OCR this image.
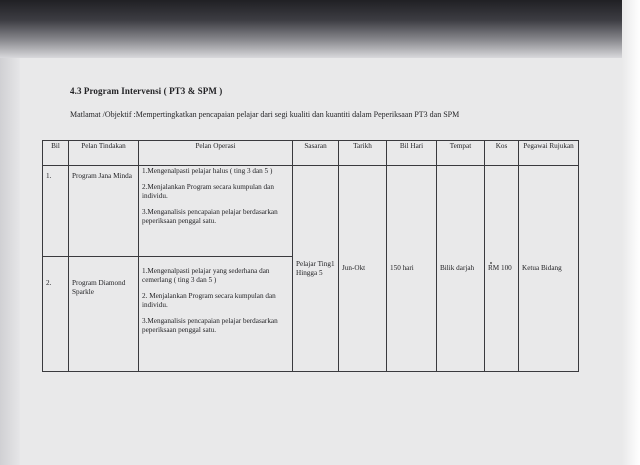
4.3 Program Intervensi ( PT3 & SPM )
Matlamat /Objektif :Mempertingkatkan pencapaian pelajar dari segi kualiti dan kuantiti dalam Peperiksaan PT3 dan SPM
Bil	Pelan Tindakan	Pelan Operasi	Sasaran	Tarikh	Bil Hari	Tempat	Kos	Pegawai Rujukan
1.	Program Jana Minda	1.Mengenalpasti pelajar halus ( ting 3 dan 5 )

2.Menjalankan Program secara kumpulan dan individu.

3.Menganalisis pencapaian pelajar berdasarkan peperiksaan penggal satu.	Pelajar Ting1 Hingga 5	Jun-Okt	150 hari	Bilik darjah	RM 100	Ketua Bidang
2.	Program Diamond Sparkle	1.Mengenalpasti pelajar yang sederhana dan cemerlang ( ting 3 dan 5 )

2. Menjalankan Program secara kumpulan dan individu.

3.Menganalisis pencapaian pelajar berdasarkan peperiksaan penggal satu.						
